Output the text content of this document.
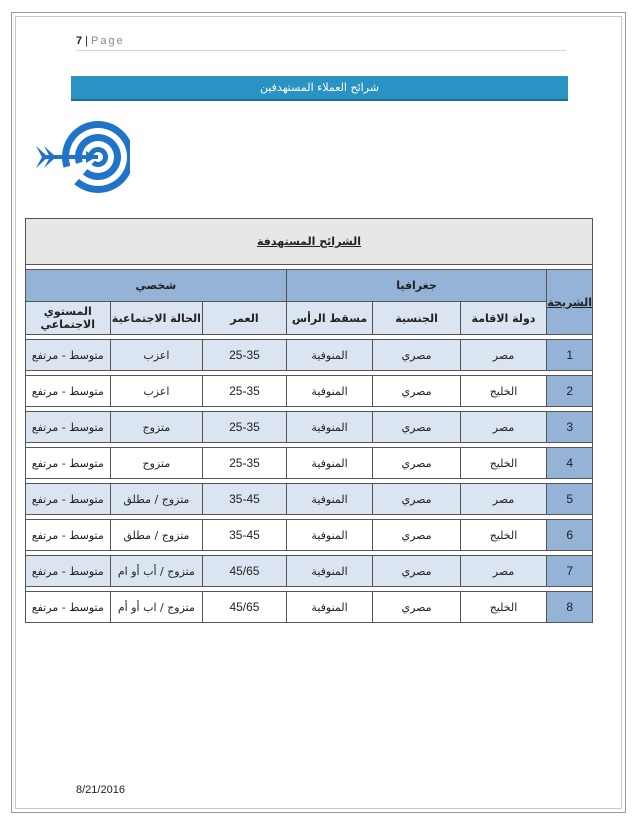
7 | Page
شرائح العملاء المستهدفين
الشرائح المستهدفة						

الشريحة	جغرافيا			شخصي		
	دولة الاقامة	الجنسية	مسقط الرأس	العمر	الحالة الاجتماعية	المستوي الاجتماعي

1	مصر	مصري	المنوفية	25-35	اعزب	متوسط - مرتفع

2	الخليج	مصري	المنوفية	25-35	اعزب	متوسط - مرتفع

3	مصر	مصري	المنوفية	25-35	متزوج	متوسط - مرتفع

4	الخليج	مصري	المنوفية	25-35	متزوج	متوسط - مرتفع

5	مصر	مصري	المنوفية	35-45	متزوج / مطلق	متوسط - مرتفع

6	الخليج	مصري	المنوفية	35-45	متزوج / مطلق	متوسط - مرتفع

7	مصر	مصري	المنوفية	45/65	متزوج / أب أو ام	متوسط - مرتفع

8	الخليج	مصري	المنوفية	45/65	متزوج / اب أو أم	متوسط - مرتفع
8/21/2016
